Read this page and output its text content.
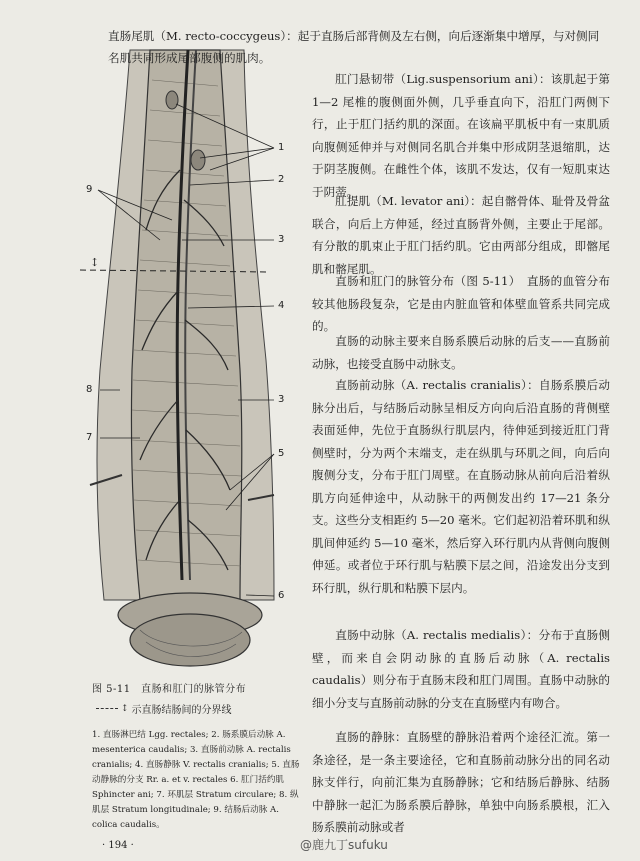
↕
1
2
9
3
4
8
7
3
5
6
图 5-11　直肠和肛门的脉管分布
↕ 示直肠结肠间的分界线
1. 直肠淋巴结 Lgg. rectales; 2. 肠系膜后动脉 A. mesenterica caudalis; 3. 直肠前动脉 A. rectalis cranialis; 4. 直肠静脉 V. rectalis cranialis; 5. 直肠动静脉的分支 Rr. a. et v. rectales 6. 肛门括约肌 Sphincter ani; 7. 环肌层 Stratum circulare; 8. 纵肌层 Stratum longitudinale; 9. 结肠后动脉 A. colica caudalis。
直肠尾肌（M. recto-coccygeus）：起于直肠后部背侧及左右侧，向后逐渐集中增厚，与对侧同名肌共同形成尾部腹侧的肌肉。

肛门悬韧带（Lig.suspensorium ani）：该肌起于第 1—2 尾椎的腹侧面外侧，几乎垂直向下，沿肛门两侧下行，止于肛门括约肌的深面。在该扁平肌板中有一束肌质向腹侧延伸并与对侧同名肌合并集中形成阴茎退缩肌，达于阴茎腹侧。在雌性个体，该肌不发达，仅有一短肌束达于阴蒂。

肛提肌（M. levator ani）：起自髂骨体、耻骨及骨盆联合，向后上方伸延，经过直肠背外侧，主要止于尾部。有分散的肌束止于肛门括约肌。它由两部分组成，即髂尾肌和髂尾肌。

直肠和肛门的脉管分布（图 5-11）　直肠的血管分布较其他肠段复杂，它是由内脏血管和体壁血管系共同完成的。

直肠的动脉主要来自肠系膜后动脉的后支——直肠前动脉，也接受直肠中动脉支。

直肠前动脉（A. rectalis cranialis）：自肠系膜后动脉分出后，与结肠后动脉呈相反方向向后沿直肠的背侧壁表面延伸，先位于直肠纵行肌层内，待伸延到接近肛门背侧壁时，分为两个末端支，走在纵肌与环肌之间，向后向腹侧分支，分布于肛门周壁。在直肠动脉从前向后沿着纵肌方向延伸途中，从动脉干的两侧发出约 17—21 条分支。这些分支相距约 5—20 毫米。它们起初沿着环肌和纵肌间伸延约 5—10 毫米，然后穿入环行肌内从背侧向腹侧伸延。或者位于环行肌与粘膜下层之间，沿途发出分支到环行肌，纵行肌和粘膜下层内。

直肠中动脉（A. rectalis medialis）：分布于直肠侧壁，而来自会阴动脉的直肠后动脉（A. rectalis caudalis）则分布于直肠末段和肛门周围。直肠中动脉的细小分支与直肠前动脉的分支在直肠壁内有吻合。

直肠的静脉：直肠壁的静脉沿着两个途径汇流。第一条途径，是一条主要途径，它和直肠前动脉分出的同名动脉支伴行，向前汇集为直肠静脉；它和结肠后静脉、结肠中静脉一起汇为肠系膜后静脉，单独中向肠系膜根，汇入肠系膜前动脉或者

· 194 ·	@鹿九丁sufuku
